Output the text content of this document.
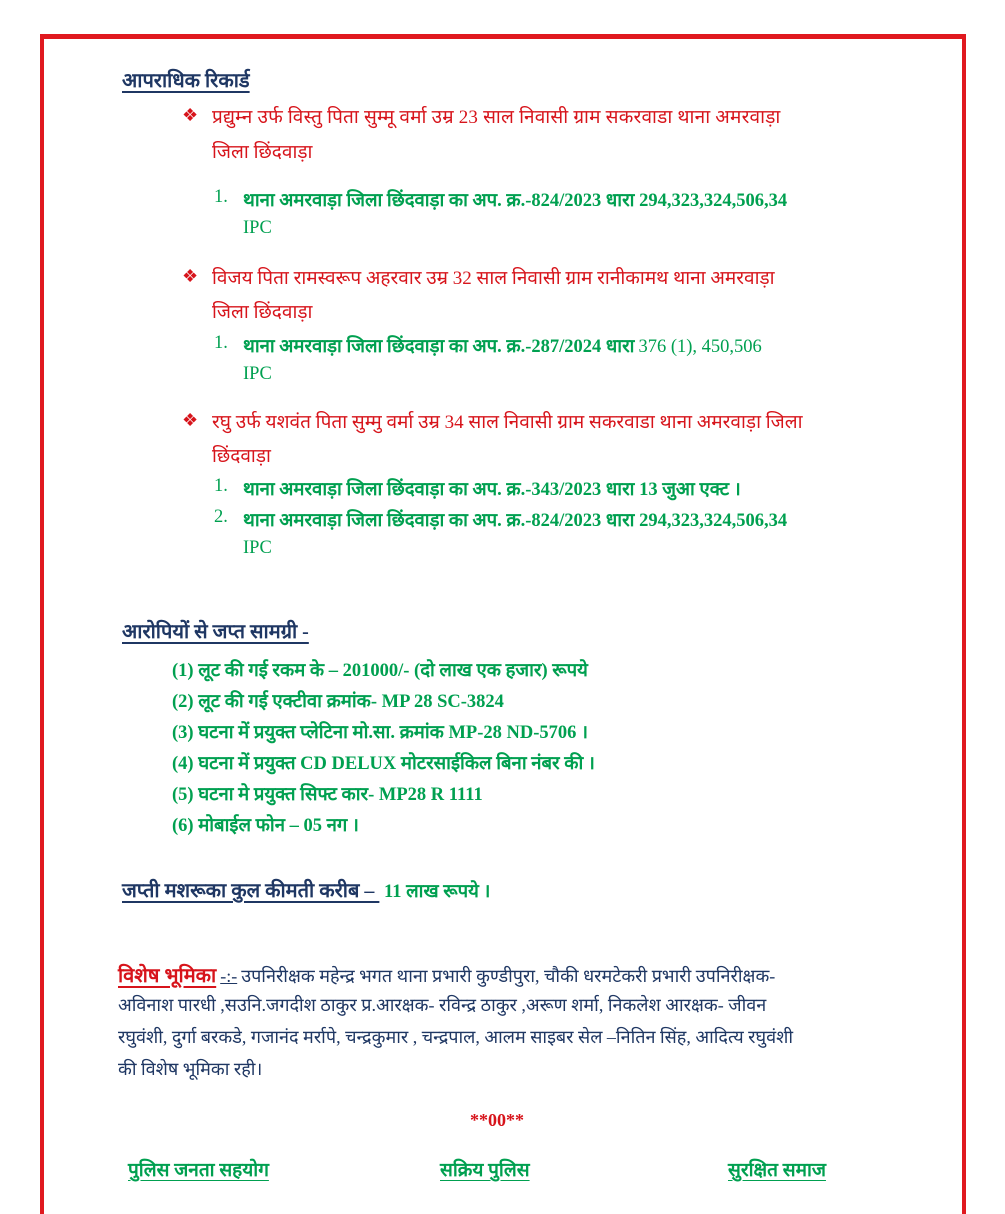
आपराधिक रिकार्ड
❖ प्रद्युम्न उर्फ विस्तु पिता सुम्मू वर्मा उम्र 23 साल निवासी ग्राम सकरवाडा थाना अमरवाड़ा
जिला छिंदवाड़ा
1. थाना अमरवाड़ा जिला छिंदवाड़ा का अप. क्र.-824/2023 धारा 294,323,324,506,34
IPC
❖ विजय पिता रामस्वरूप अहरवार उम्र 32 साल निवासी ग्राम रानीकामथ थाना अमरवाड़ा
जिला छिंदवाड़ा
1. थाना अमरवाड़ा जिला छिंदवाड़ा का अप. क्र.-287/2024 धारा 376 (1), 450,506
IPC
❖ रघु उर्फ यशवंत पिता सुम्मु वर्मा उम्र 34 साल निवासी ग्राम सकरवाडा थाना अमरवाड़ा जिला
छिंदवाड़ा
1. थाना अमरवाड़ा जिला छिंदवाड़ा का अप. क्र.-343/2023 धारा 13 जुआ एक्ट ।
2. थाना अमरवाड़ा जिला छिंदवाड़ा का अप. क्र.-824/2023 धारा 294,323,324,506,34
IPC
आरोपियों से जप्त सामग्री -
(1) लूट की गई रकम के – 201000/- (दो लाख एक हजार) रूपये
(2) लूट की गई एक्टीवा क्रमांक- MP 28 SC-3824
(3) घटना में प्रयुक्त प्लेटिना मो.सा. क्रमांक MP-28 ND-5706 ।
(4) घटना में प्रयुक्त CD DELUX मोटरसाईकिल बिना नंबर की ।
(5) घटना मे प्रयुक्त सिफ्ट कार- MP28 R 1111
(6) मोबाईल फोन – 05 नग ।
जप्ती मशरूका कुल कीमती करीब –  11 लाख रूपये ।
विशेष भूमिका -:- उपनिरीक्षक महेन्द्र भगत थाना प्रभारी कुण्डीपुरा, चौकी धरमटेकरी प्रभारी उपनिरीक्षक-
अविनाश पारधी ,सउनि.जगदीश ठाकुर प्र.आरक्षक- रविन्द्र ठाकुर ,अरूण शर्मा, निकलेश आरक्षक- जीवन
रघुवंशी, दुर्गा बरकडे, गजानंद मर्रापे, चन्द्रकुमार , चन्द्रपाल, आलम साइबर सेल –नितिन सिंह, आदित्य रघुवंशी
की विशेष भूमिका रही।
**00**
पुलिस जनता सहयोग	सक्रिय पुलिस	सुरक्षित समाज
